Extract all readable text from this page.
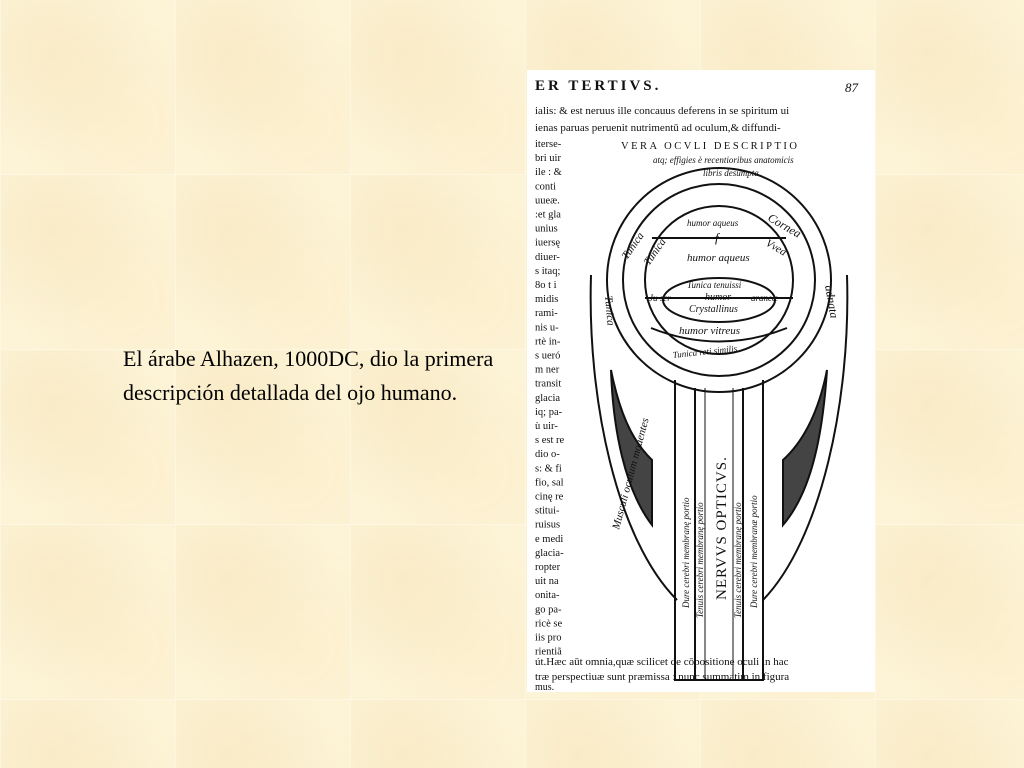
El árabe Alhazen, 1000DC, dio la primera descripción detallada del ojo humano.
ER TERTIVS.	87
ialis: & est neruus ille concauus deferens in se spiritum ui
ienas paruas peruenit nutrimentū ad oculum,& diffundi-
VERA OCVLI DESCRIPTIO
atq; effigies è recentioribus anatomicis
libris desumpta.
iterse-
bri uir
ile : &
conti
uueæ.
:et gla
unius
iuersę
diuer-
s itaq;
8o t i
midis
rami-
nis u-
rtè in-
s ueró
m ner
transit
glacia
iq; pa-
ù uir-
s est re
dio o-
s: & fi
fio, sal
cinę re
stitui-
ruisus
e medi
glacia-
ropter
uit na
onita-
go pa-
ricè se
iis pro
rientiã
humor aqueus
f
humor aqueus
Tunica tenuissi
Ju scr	araneæ
humor
Crystallinus
humor vitreus
Tunica reti similis
Cornea
Vvea
Tunica
Tunica
adnata
Tunica
Musculi oculum mouentes
Dure cerebri membranę portio Tenuis cerebri membranę portio NERVVS OPTICVS. Tenuis cerebri membranę portio Dure cerebri membranæ portio
út.Hæc aūt omnia,quæ scilicet de cōpositione oculi in hac
træ perspectiuæ sunt præmissa : nunc summatim in figura
mus.
